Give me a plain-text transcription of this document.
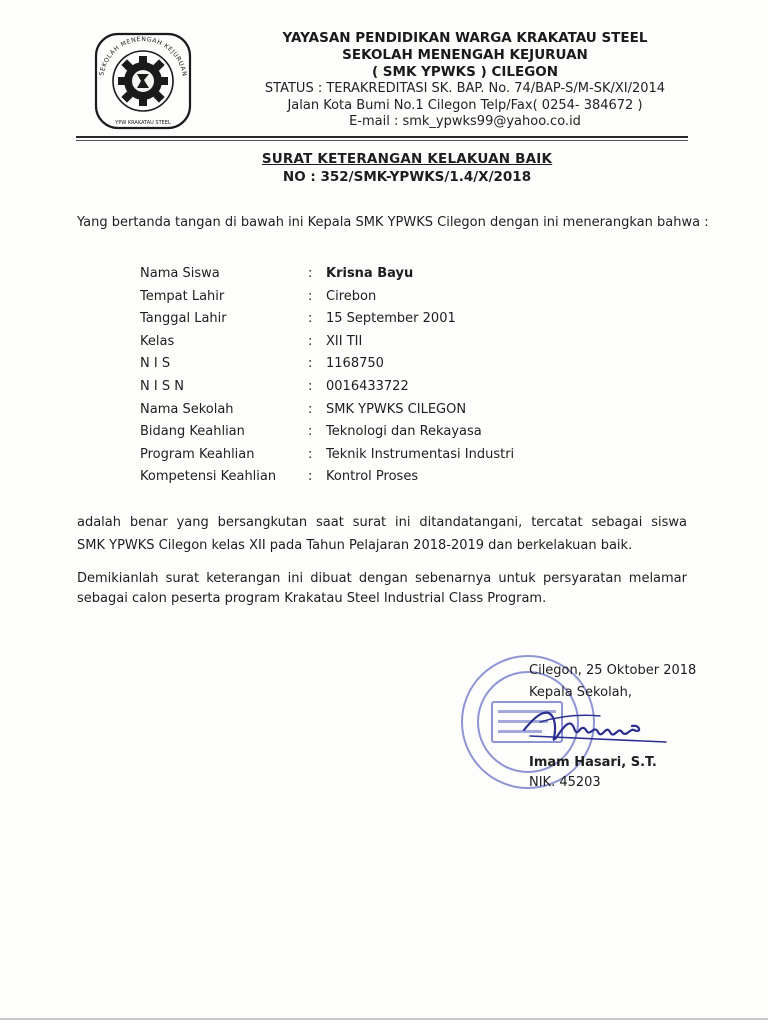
SEKOLAH MENENGAH KEJURUAN
YPW KRAKATAU STEEL
YAYASAN PENDIDIKAN WARGA KRAKATAU STEEL
SEKOLAH MENENGAH KEJURUAN
( SMK YPWKS ) CILEGON
STATUS : TERAKREDITASI SK. BAP. No. 74/BAP-S/M-SK/XI/2014
Jalan Kota Bumi No.1 Cilegon Telp/Fax( 0254- 384672 )
E-mail : smk_ypwks99@yahoo.co.id
SURAT KETERANGAN KELAKUAN BAIK
NO : 352/SMK-YPWKS/1.4/X/2018
Yang bertanda tangan di bawah ini Kepala SMK YPWKS Cilegon dengan ini menerangkan bahwa :
Nama Siswa	: Krisna Bayu
Tempat Lahir	: Cirebon
Tanggal Lahir	: 15 September 2001
Kelas	: XII TII
N I S	: 1168750
N I S N	: 0016433722
Nama Sekolah	: SMK YPWKS CILEGON
Bidang Keahlian	: Teknologi dan Rekayasa
Program Keahlian	: Teknik Instrumentasi Industri
Kompetensi Keahlian : Kontrol Proses
adalah benar yang bersangkutan saat surat ini ditandatangani, tercatat sebagai siswa
SMK YPWKS Cilegon kelas XII pada Tahun Pelajaran 2018-2019 dan berkelakuan baik.
Demikianlah surat keterangan ini dibuat dengan sebenarnya untuk persyaratan melamar
sebagai calon peserta program Krakatau Steel Industrial Class Program.
Cilegon, 25 Oktober 2018
Kepala Sekolah,
Imam Hasari, S.T.
NIK. 45203
